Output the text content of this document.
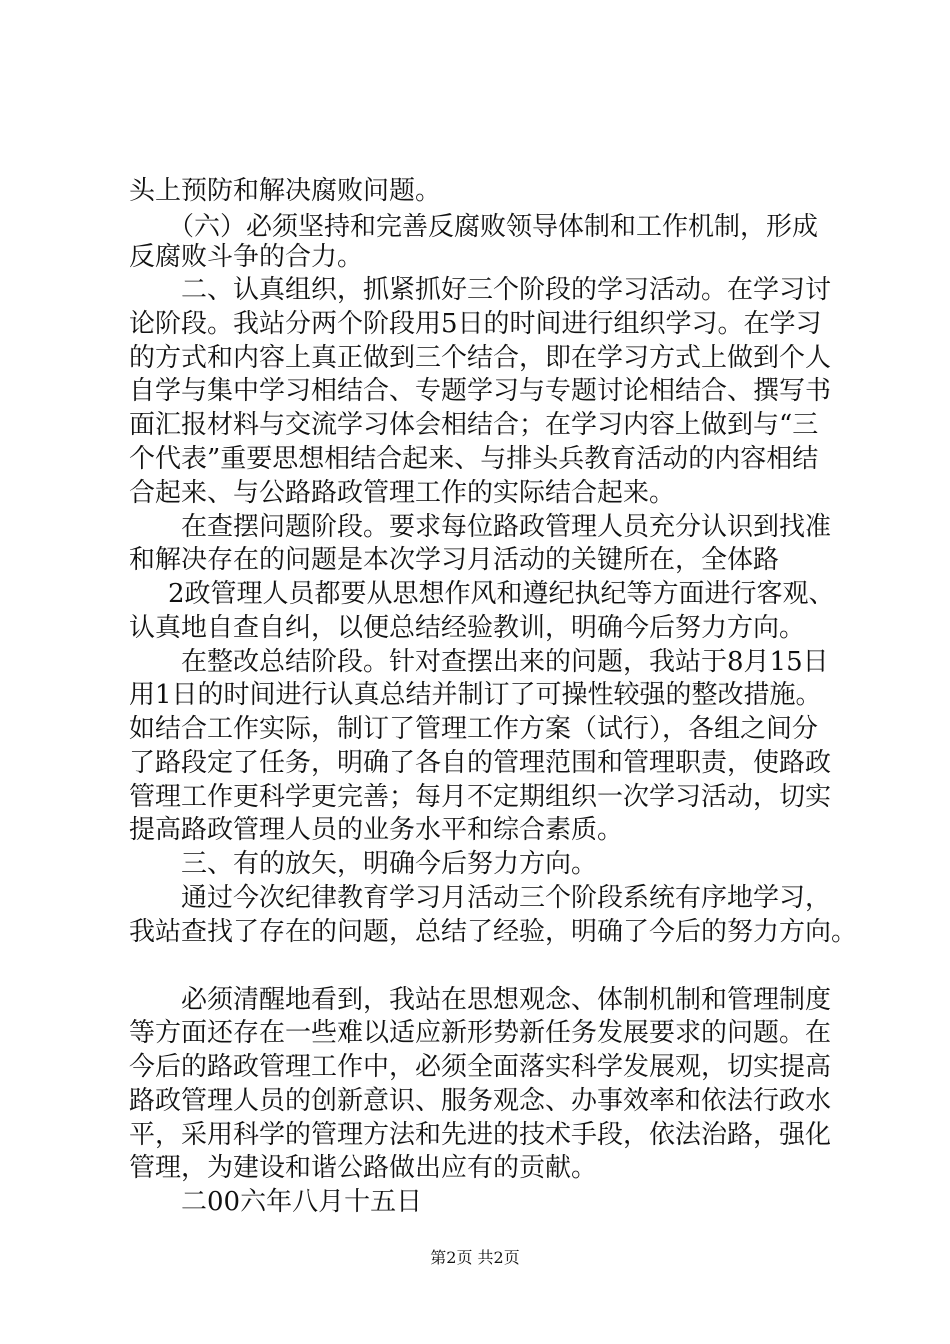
头上预防和解决腐败问题。
（六）必须坚持和完善反腐败领导体制和工作机制，形成
反腐败斗争的合力。
二、认真组织，抓紧抓好三个阶段的学习活动。在学习讨
论阶段。我站分两个阶段用5日的时间进行组织学习。在学习
的方式和内容上真正做到三个结合，即在学习方式上做到个人
自学与集中学习相结合、专题学习与专题讨论相结合、撰写书
面汇报材料与交流学习体会相结合；在学习内容上做到与“三
个代表”重要思想相结合起来、与排头兵教育活动的内容相结
合起来、与公路路政管理工作的实际结合起来。
在查摆问题阶段。要求每位路政管理人员充分认识到找准
和解决存在的问题是本次学习月活动的关键所在，全体路
2政管理人员都要从思想作风和遵纪执纪等方面进行客观、
认真地自查自纠，以便总结经验教训，明确今后努力方向。
在整改总结阶段。针对查摆出来的问题，我站于8月15日
用1日的时间进行认真总结并制订了可操性较强的整改措施。
如结合工作实际，制订了管理工作方案（试行），各组之间分
了路段定了任务，明确了各自的管理范围和管理职责，使路政
管理工作更科学更完善；每月不定期组织一次学习活动，切实
提高路政管理人员的业务水平和综合素质。
三、有的放矢，明确今后努力方向。
通过今次纪律教育学习月活动三个阶段系统有序地学习，
我站查找了存在的问题，总结了经验，明确了今后的努力方向。
必须清醒地看到，我站在思想观念、体制机制和管理制度
等方面还存在一些难以适应新形势新任务发展要求的问题。在
今后的路政管理工作中，必须全面落实科学发展观，切实提高
路政管理人员的创新意识、服务观念、办事效率和依法行政水
平，采用科学的管理方法和先进的技术手段，依法治路，强化
管理，为建设和谐公路做出应有的贡献。
二00六年八月十五日
第2页 共2页
